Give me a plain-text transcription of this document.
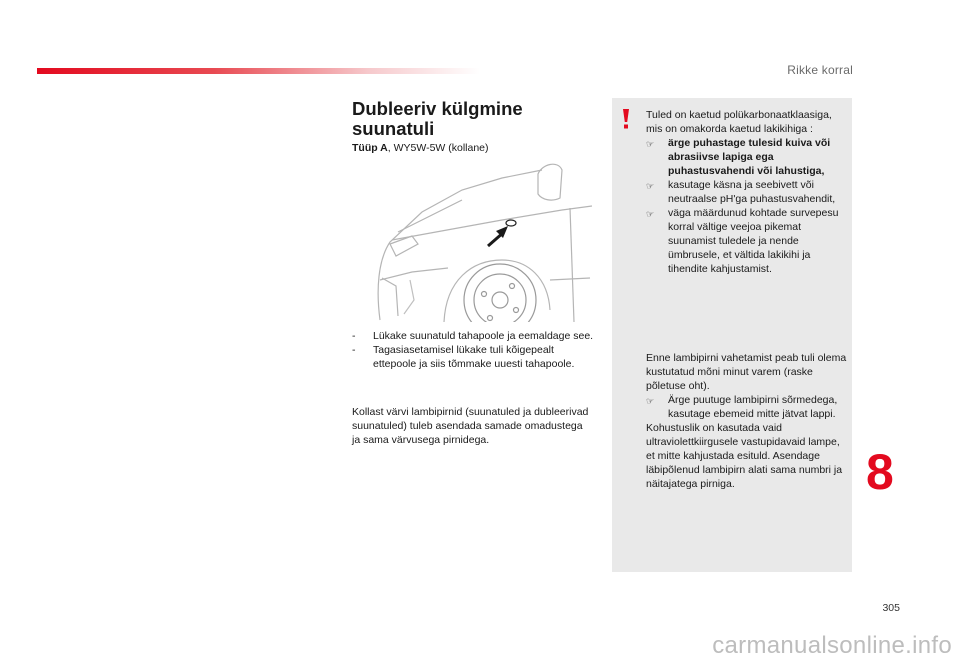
Rikke korral
Dubleeriv külgmine suunatuli
Tüüp A, WY5W-5W (kollane)
-	Lükake suunatuld tahapoole ja eemaldage see.
-	Tagasiasetamisel lükake tuli kõigepealt ettepoole ja siis tõmmake uuesti tahapoole.
Kollast värvi lambipirnid (suunatuled ja dubleerivad suunatuled) tuleb asendada samade omadustega ja sama värvusega pirnidega.
Tuled on kaetud polükarbonaatklaasiga, mis on omakorda kaetud lakikihiga :
☞	ärge puhastage tulesid kuiva või abrasiivse lapiga ega puhastusvahendi või lahustiga,
☞	kasutage käsna ja seebivett või neutraalse pH'ga puhastusvahendit,
☞	väga määrdunud kohtade survepesu korral vältige veejoa pikemat suunamist tuledele ja nende ümbrusele, et vältida lakikihi ja tihendite kahjustamist.
Enne lambipirni vahetamist peab tuli olema kustutatud mõni minut varem (raske põletuse oht).
☞	Ärge puutuge lambipirni sõrmedega, kasutage ebemeid mitte jätvat lappi.
Kohustuslik on kasutada vaid ultraviolettkiirgusele vastupidavaid lampe, et mitte kahjustada esituld. Asendage läbipõlenud lambipirn alati sama numbri ja näitajatega pirniga.	8
305
carmanualsonline.info
